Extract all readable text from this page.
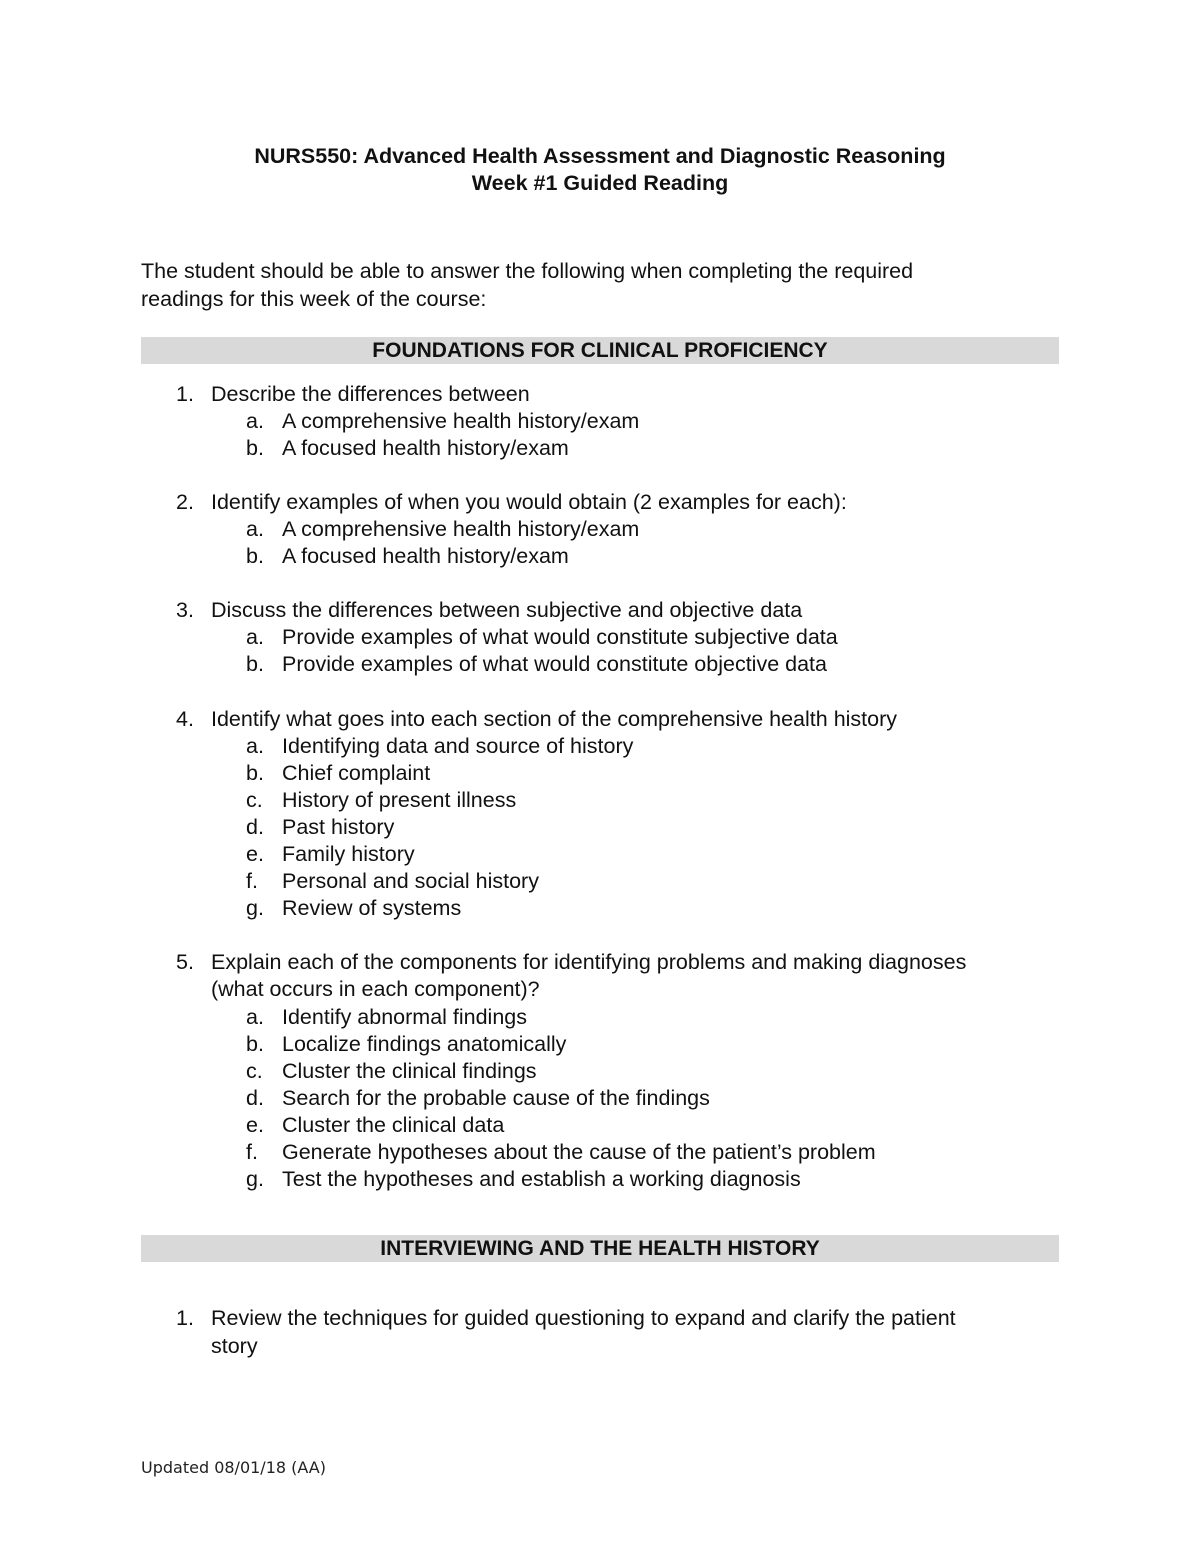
NURS550: Advanced Health Assessment and Diagnostic Reasoning
Week #1 Guided Reading
The student should be able to answer the following when completing the required
readings for this week of the course:
FOUNDATIONS FOR CLINICAL PROFICIENCY
1. Describe the differences between
a. A comprehensive health history/exam
b. A focused health history/exam
2. Identify examples of when you would obtain (2 examples for each):
a. A comprehensive health history/exam
b. A focused health history/exam
3. Discuss the differences between subjective and objective data
a. Provide examples of what would constitute subjective data
b. Provide examples of what would constitute objective data
4. Identify what goes into each section of the comprehensive health history
a. Identifying data and source of history
b. Chief complaint
c. History of present illness
d. Past history
e. Family history
f. Personal and social history
g. Review of systems
5. Explain each of the components for identifying problems and making diagnoses
(what occurs in each component)?
a. Identify abnormal findings
b. Localize findings anatomically
c. Cluster the clinical findings
d. Search for the probable cause of the findings
e. Cluster the clinical data
f. Generate hypotheses about the cause of the patient’s problem
g. Test the hypotheses and establish a working diagnosis
INTERVIEWING AND THE HEALTH HISTORY
1. Review the techniques for guided questioning to expand and clarify the patient
story
Updated 08/01/18 (AA)
